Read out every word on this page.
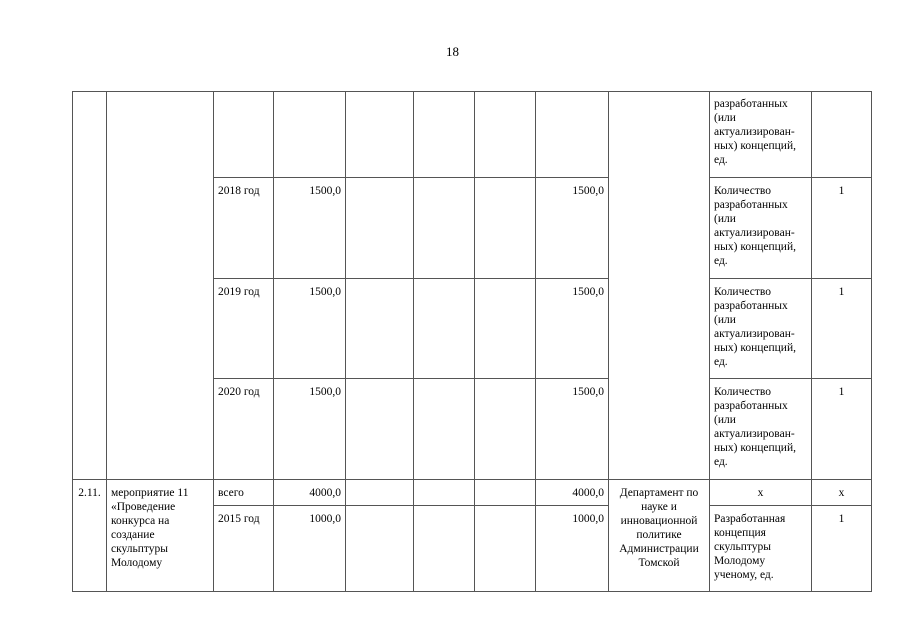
18
									разработанных (или актуализирован-ных) концепций, ед.	
		2018 год	1500,0				1500,0		Количество разработанных (или актуализирован-ных) концепций, ед.	1
		2019 год	1500,0				1500,0		Количество разработанных (или актуализирован-ных) концепций, ед.	1
		2020 год	1500,0				1500,0		Количество разработанных (или актуализирован-ных) концепций, ед.	1
2.11.	мероприятие 11 «Проведение конкурса на создание скульптуры Молодому	всего	4000,0				4000,0	Департамент по науке и инновационной политике Администрации Томской	х	х
		2015 год	1000,0				1000,0		Разработанная концепция скульптуры Молодому ученому, ед.	1
